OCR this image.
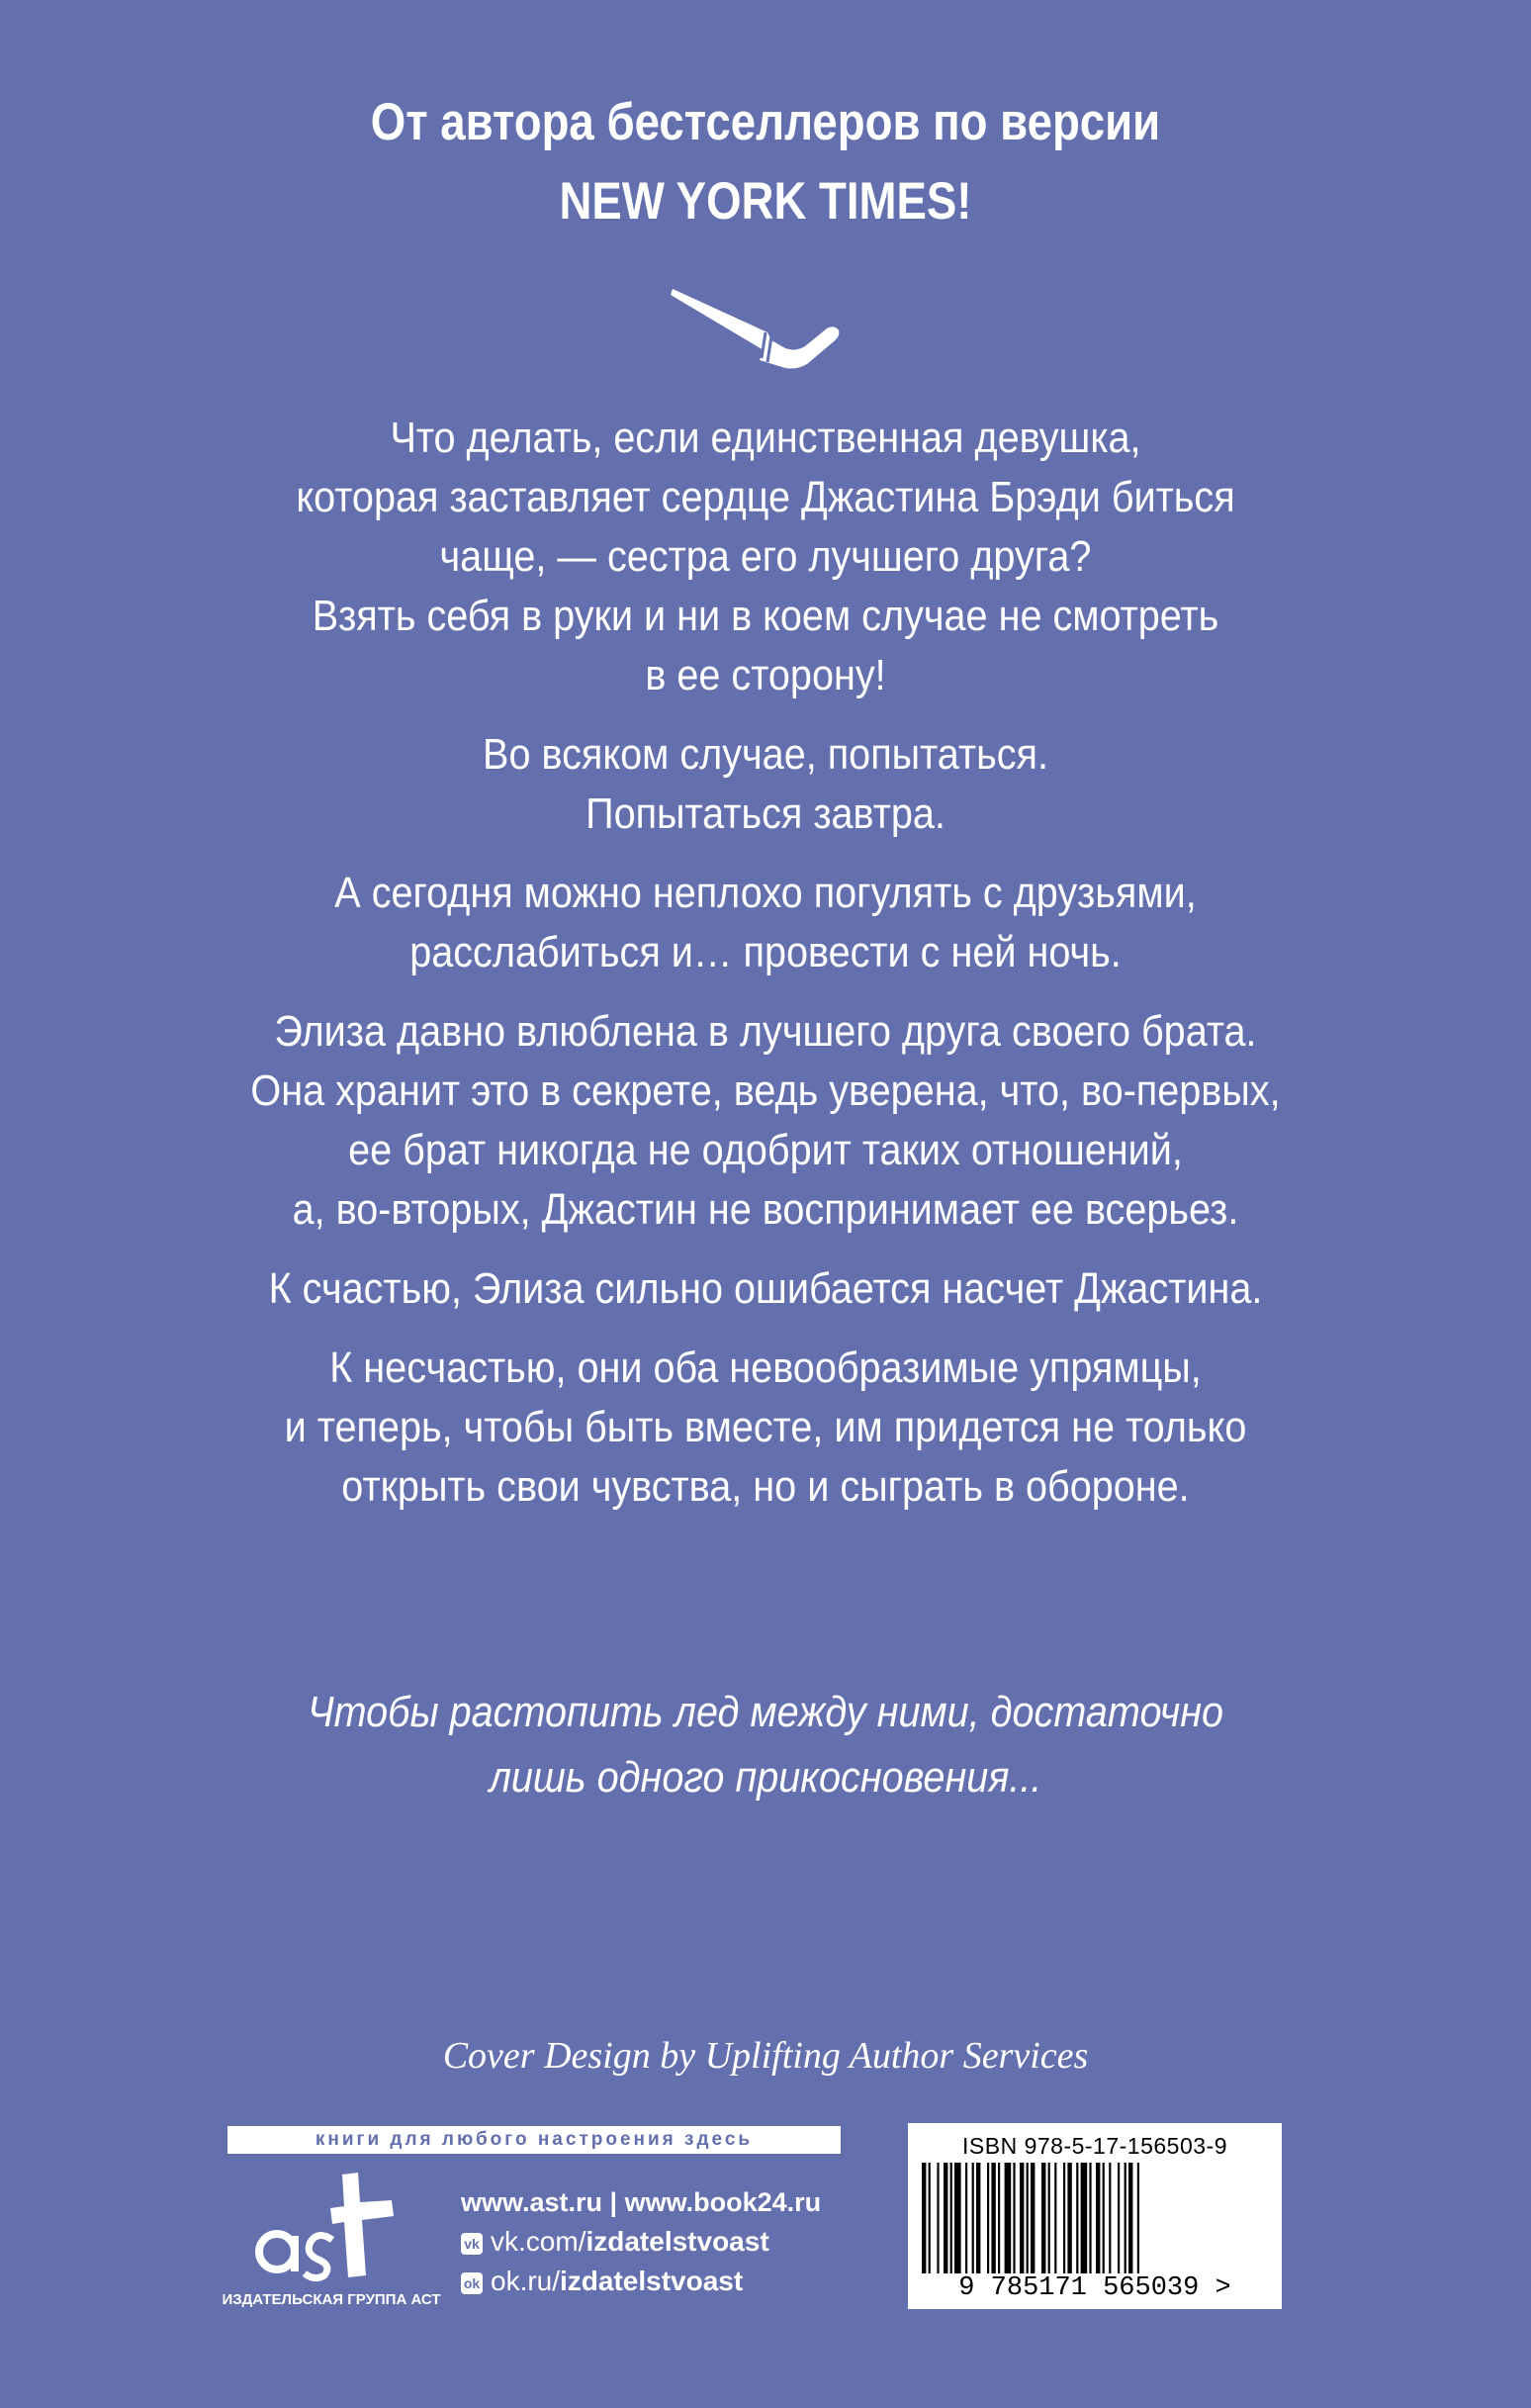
От автора бестселлеров по версии
NEW YORK TIMES!

Что делать, если единственная девушка,
которая заставляет сердце Джастина Брэди биться
чаще, — сестра его лучшего друга?
Взять себя в руки и ни в коем случае не смотреть
в ее сторону!

Во всяком случае, попытаться.
Попытаться завтра.

А сегодня можно неплохо погулять с друзьями,
расслабиться и… провести с ней ночь.

Элиза давно влюблена в лучшего друга своего брата.
Она хранит это в секрете, ведь уверена, что, во-первых,
ее брат никогда не одобрит таких отношений,
а, во-вторых, Джастин не воспринимает ее всерьез.

К счастью, Элиза сильно ошибается насчет Джастина.

К несчастью, они оба невообразимые упрямцы,
и теперь, чтобы быть вместе, им придется не только
открыть свои чувства, но и сыграть в обороне.

Чтобы растопить лед между ними, достаточно
лишь одного прикосновения...
Cover Design by Uplifting Author Services
книги для любого настроения здесь
ИЗДАТЕЛЬСКАЯ ГРУППА АСТ
www.ast.ru | www.book24.ru
vk vk.com/izdatelstvoast
ok ok.ru/izdatelstvoast
ISBN 978-5-17-156503-9
9 785171 565039 >
